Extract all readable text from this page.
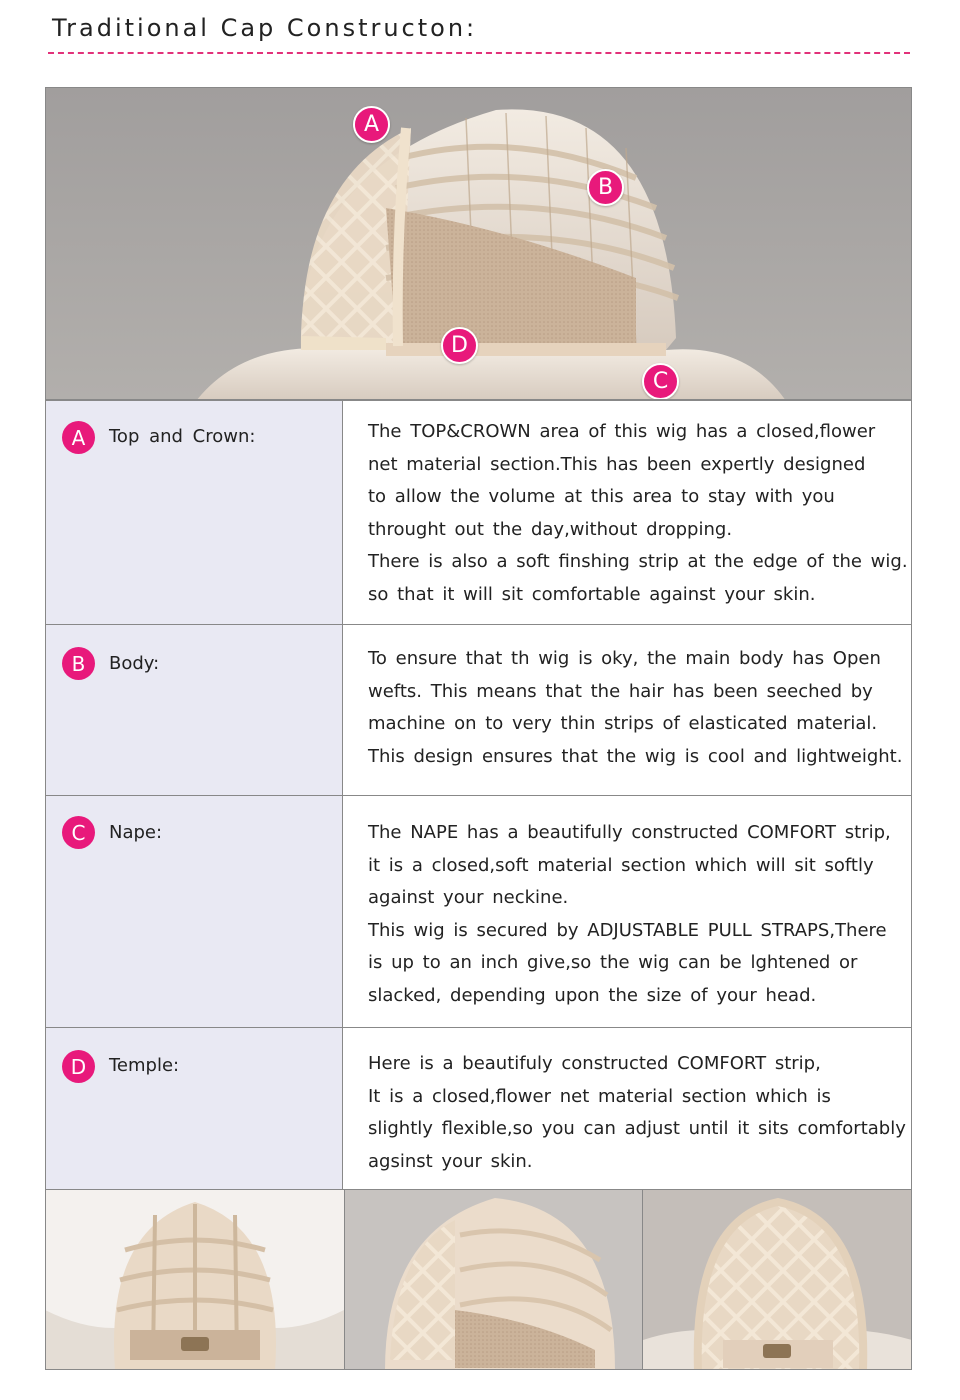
Traditional Cap Constructon:
A
B
C
D
A	Top and Crown:	The TOP&CROWN area of this wig has a closed,flower

net material section.This has been expertly designed

to allow the volume at this area to stay with you

throught out the day,without dropping.

There is also a soft finshing strip at the edge of the wig.

so that it will sit comfortable against your skin.

B	Body:	To ensure that th wig is oky, the main body has Open

wefts. This means that the hair has been seeched by

machine on to very thin strips of elasticated material.

This design ensures that the wig is cool and lightweight.

C	Nape:	The NAPE has a beautifully constructed COMFORT strip,

it is a closed,soft material section which will sit softly

against your neckine.

This wig is secured by ADJUSTABLE PULL STRAPS,There

is up to an inch give,so the wig can be lghtened or

slacked, depending upon the size of your head.

D	Temple:	Here is a beautifuly constructed COMFORT strip,

It is a closed,flower net material section which is

slightly flexible,so you can adjust until it sits comfortably

agsinst your skin.
